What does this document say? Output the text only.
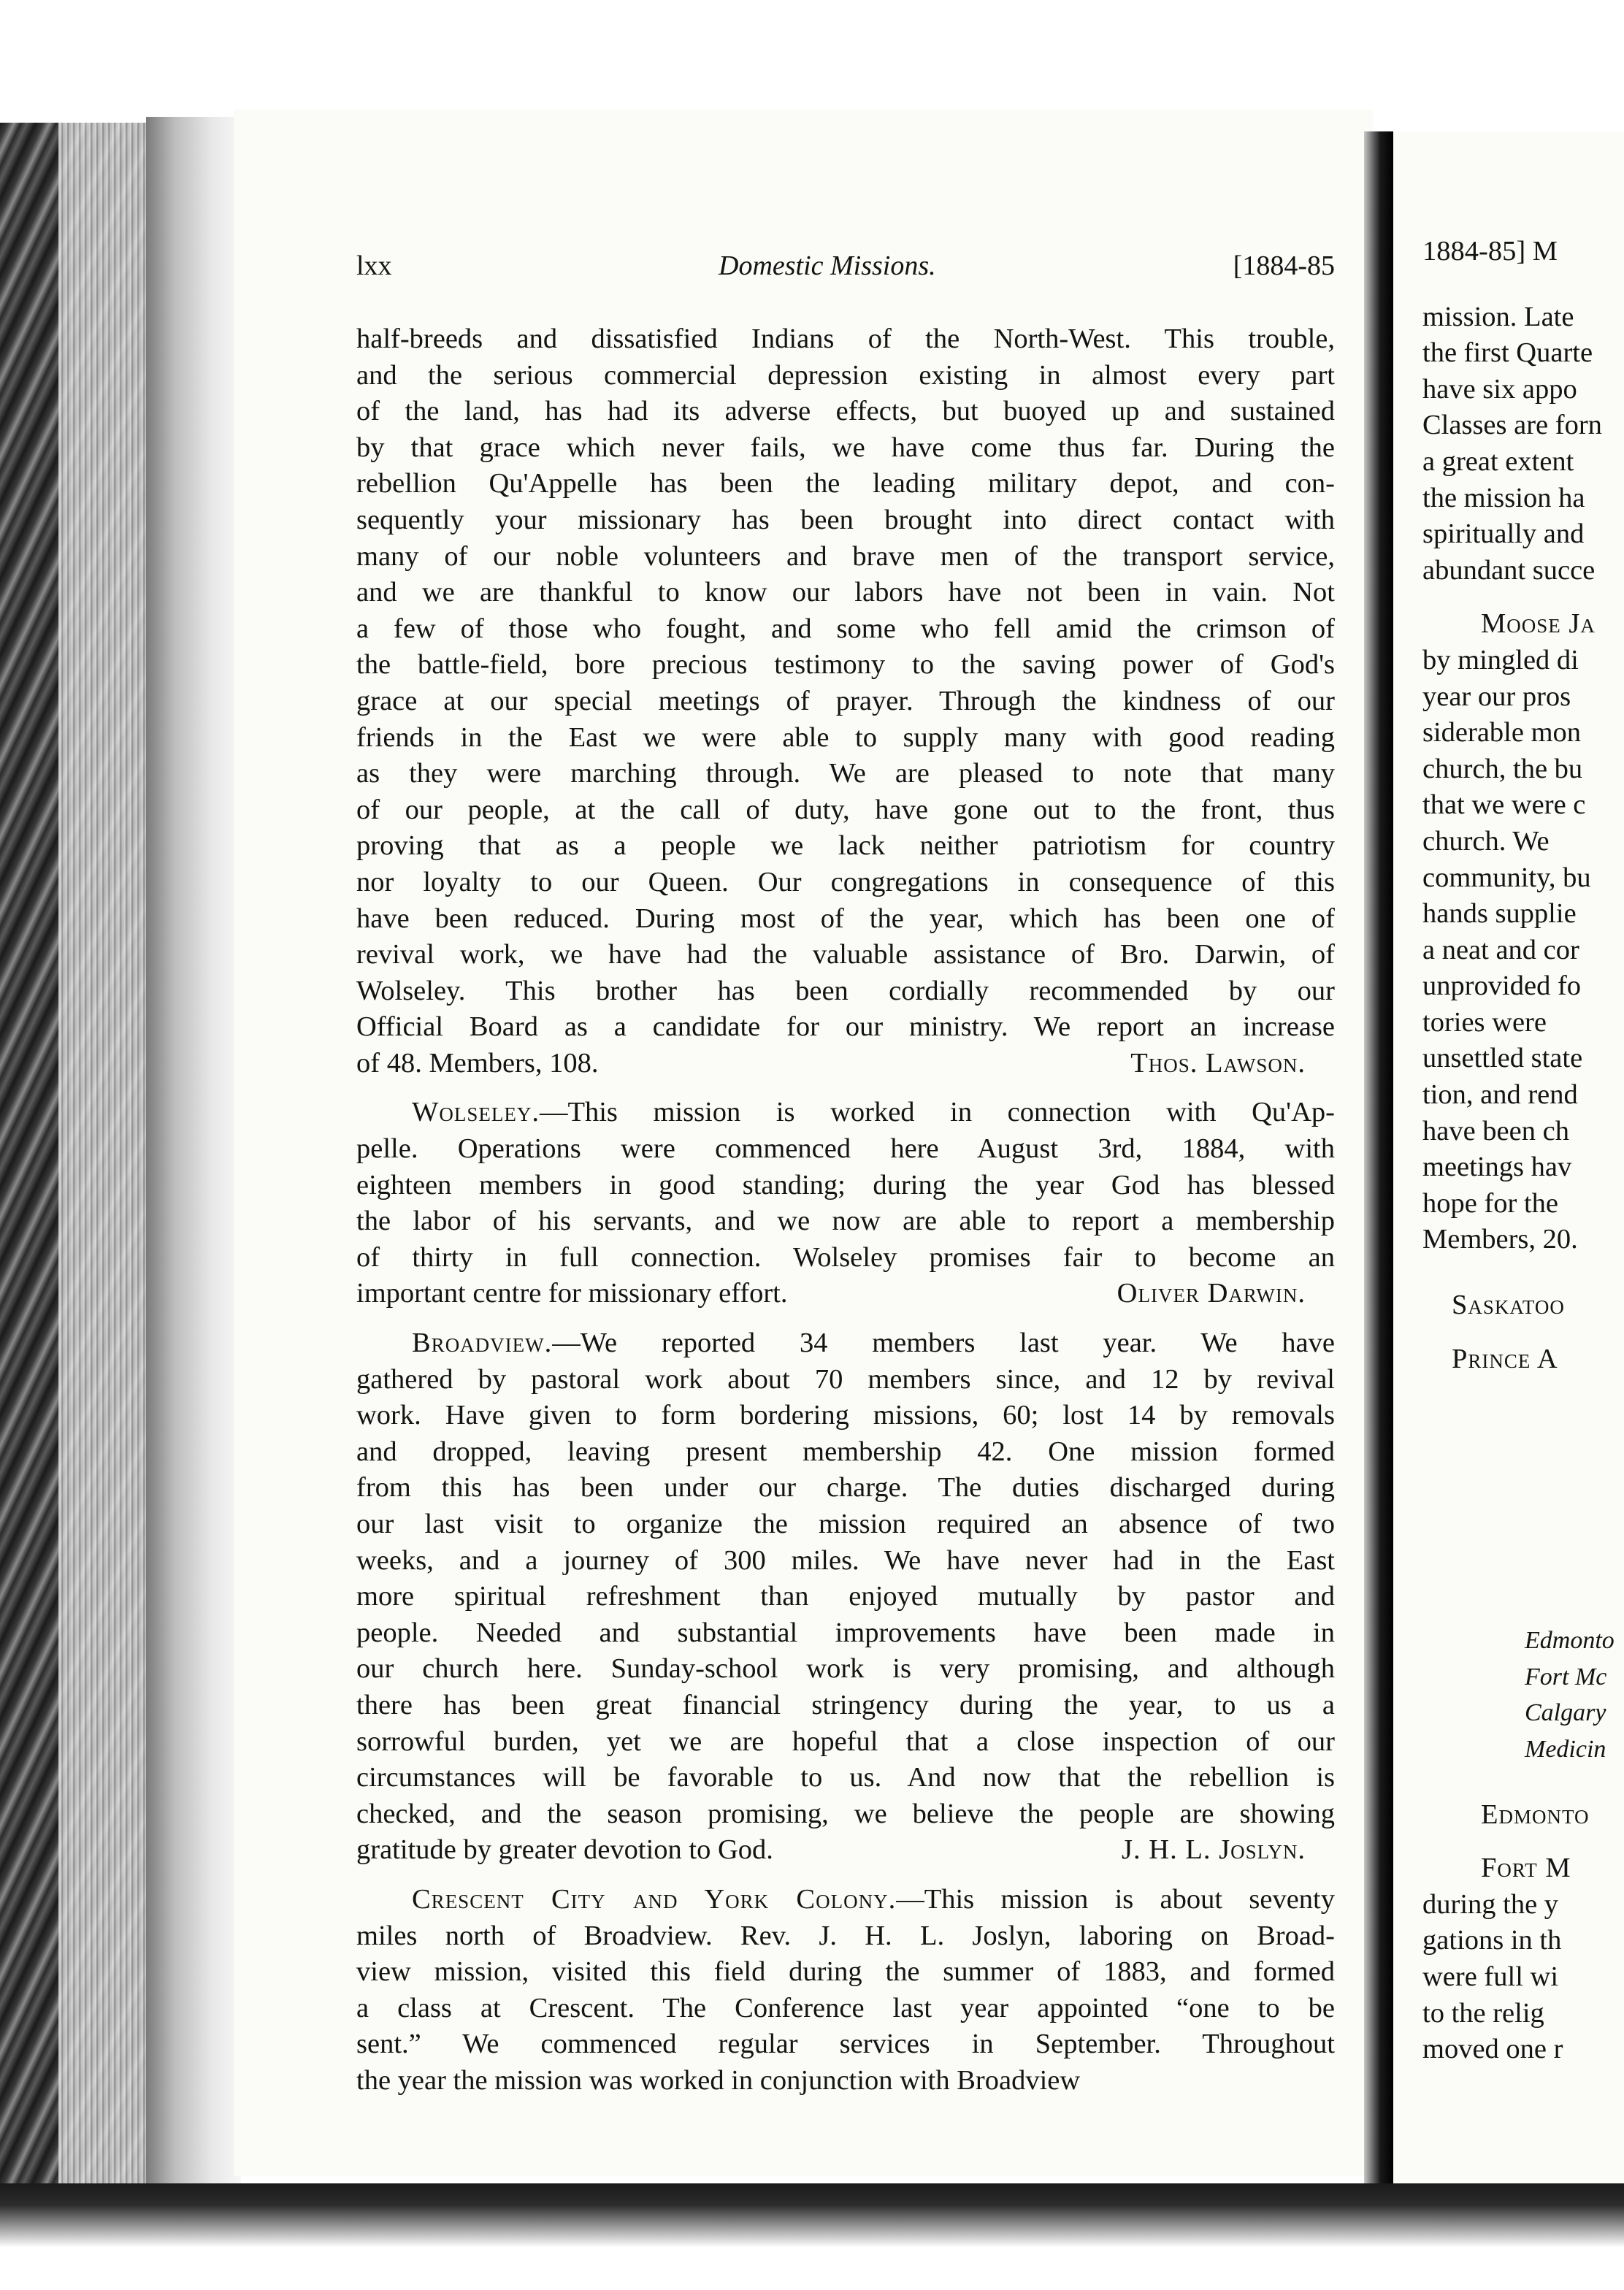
lxx	Domestic Missions.	[1884-85
half-breeds and dissatisfied Indians of the North-West. This trouble,
and the serious commercial depression existing in almost every part
of the land, has had its adverse effects, but buoyed up and sustained
by that grace which never fails, we have come thus far. During the
rebellion Qu'Appelle has been the leading military depot, and con-
sequently your missionary has been brought into direct contact with
many of our noble volunteers and brave men of the transport service,
and we are thankful to know our labors have not been in vain. Not
a few of those who fought, and some who fell amid the crimson of
the battle-field, bore precious testimony to the saving power of God's
grace at our special meetings of prayer. Through the kindness of our
friends in the East we were able to supply many with good reading
as they were marching through. We are pleased to note that many
of our people, at the call of duty, have gone out to the front, thus
proving that as a people we lack neither patriotism for country
nor loyalty to our Queen. Our congregations in consequence of this
have been reduced. During most of the year, which has been one of
revival work, we have had the valuable assistance of Bro. Darwin, of
Wolseley. This brother has been cordially recommended by our
Official Board as a candidate for our ministry. We report an increase
of 48. Members, 108.	Thos. Lawson.
Wolseley.—This mission is worked in connection with Qu'Ap-
pelle. Operations were commenced here August 3rd, 1884, with
eighteen members in good standing; during the year God has blessed
the labor of his servants, and we now are able to report a membership
of thirty in full connection. Wolseley promises fair to become an
important centre for missionary effort.	Oliver Darwin.
Broadview.—We reported 34 members last year. We have
gathered by pastoral work about 70 members since, and 12 by revival
work. Have given to form bordering missions, 60; lost 14 by removals
and dropped, leaving present membership 42. One mission formed
from this has been under our charge. The duties discharged during
our last visit to organize the mission required an absence of two
weeks, and a journey of 300 miles. We have never had in the East
more spiritual refreshment than enjoyed mutually by pastor and
people. Needed and substantial improvements have been made in
our church here. Sunday-school work is very promising, and although
there has been great financial stringency during the year, to us a
sorrowful burden, yet we are hopeful that a close inspection of our
circumstances will be favorable to us. And now that the rebellion is
checked, and the season promising, we believe the people are showing
gratitude by greater devotion to God.	J. H. L. Joslyn.
Crescent City and York Colony.—This mission is about seventy
miles north of Broadview. Rev. J. H. L. Joslyn, laboring on Broad-
view mission, visited this field during the summer of 1883, and formed
a class at Crescent. The Conference last year appointed “one to be
sent.” We commenced regular services in September. Throughout
the year the mission was worked in conjunction with Broadview
1884-85] M
mission. Late
the first Quarte
have six appo
Classes are forn
a great extent
the mission ha
spiritually and
abundant succe
Moose Ja
by mingled di
year our pros
siderable mon
church, the bu
that we were c
church. We
community, bu
hands supplie
a neat and cor
unprovided fo
tories were
unsettled state
tion, and rend
have been ch
meetings hav
hope for the
Members, 20.
Saskatoo
Prince A
Edmonto
Fort Mc
Calgary
Medicin
Edmonto
Fort M
during the y
gations in th
were full wi
to the relig
moved one r
